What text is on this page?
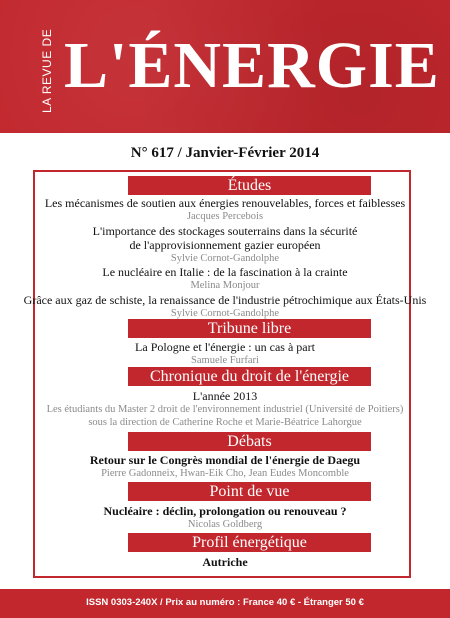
LA REVUE DE L'ÉNERGIE
N° 617 / Janvier-Février 2014
Études
Les mécanismes de soutien aux énergies renouvelables, forces et faiblesses
Jacques Percebois
L'importance des stockages souterrains dans la sécurité
de l'approvisionnement gazier européen
Sylvie Cornot-Gandolphe
Le nucléaire en Italie : de la fascination à la crainte
Melina Monjour
Grâce aux gaz de schiste, la renaissance de l'industrie pétrochimique aux États-Unis
Sylvie Cornot-Gandolphe
Tribune libre
La Pologne et l'énergie : un cas à part
Samuele Furfari
Chronique du droit de l'énergie
L'année 2013
Les étudiants du Master 2 droit de l'environnement industriel (Université de Poitiers)
sous la direction de Catherine Roche et Marie-Béatrice Lahorgue
Débats
Retour sur le Congrès mondial de l'énergie de Daegu
Pierre Gadonneix, Hwan-Eik Cho, Jean Eudes Moncomble
Point de vue
Nucléaire : déclin, prolongation ou renouveau ?
Nicolas Goldberg
Profil énergétique
Autriche
ISSN 0303-240X / Prix au numéro : France 40 € - Étranger 50 €
